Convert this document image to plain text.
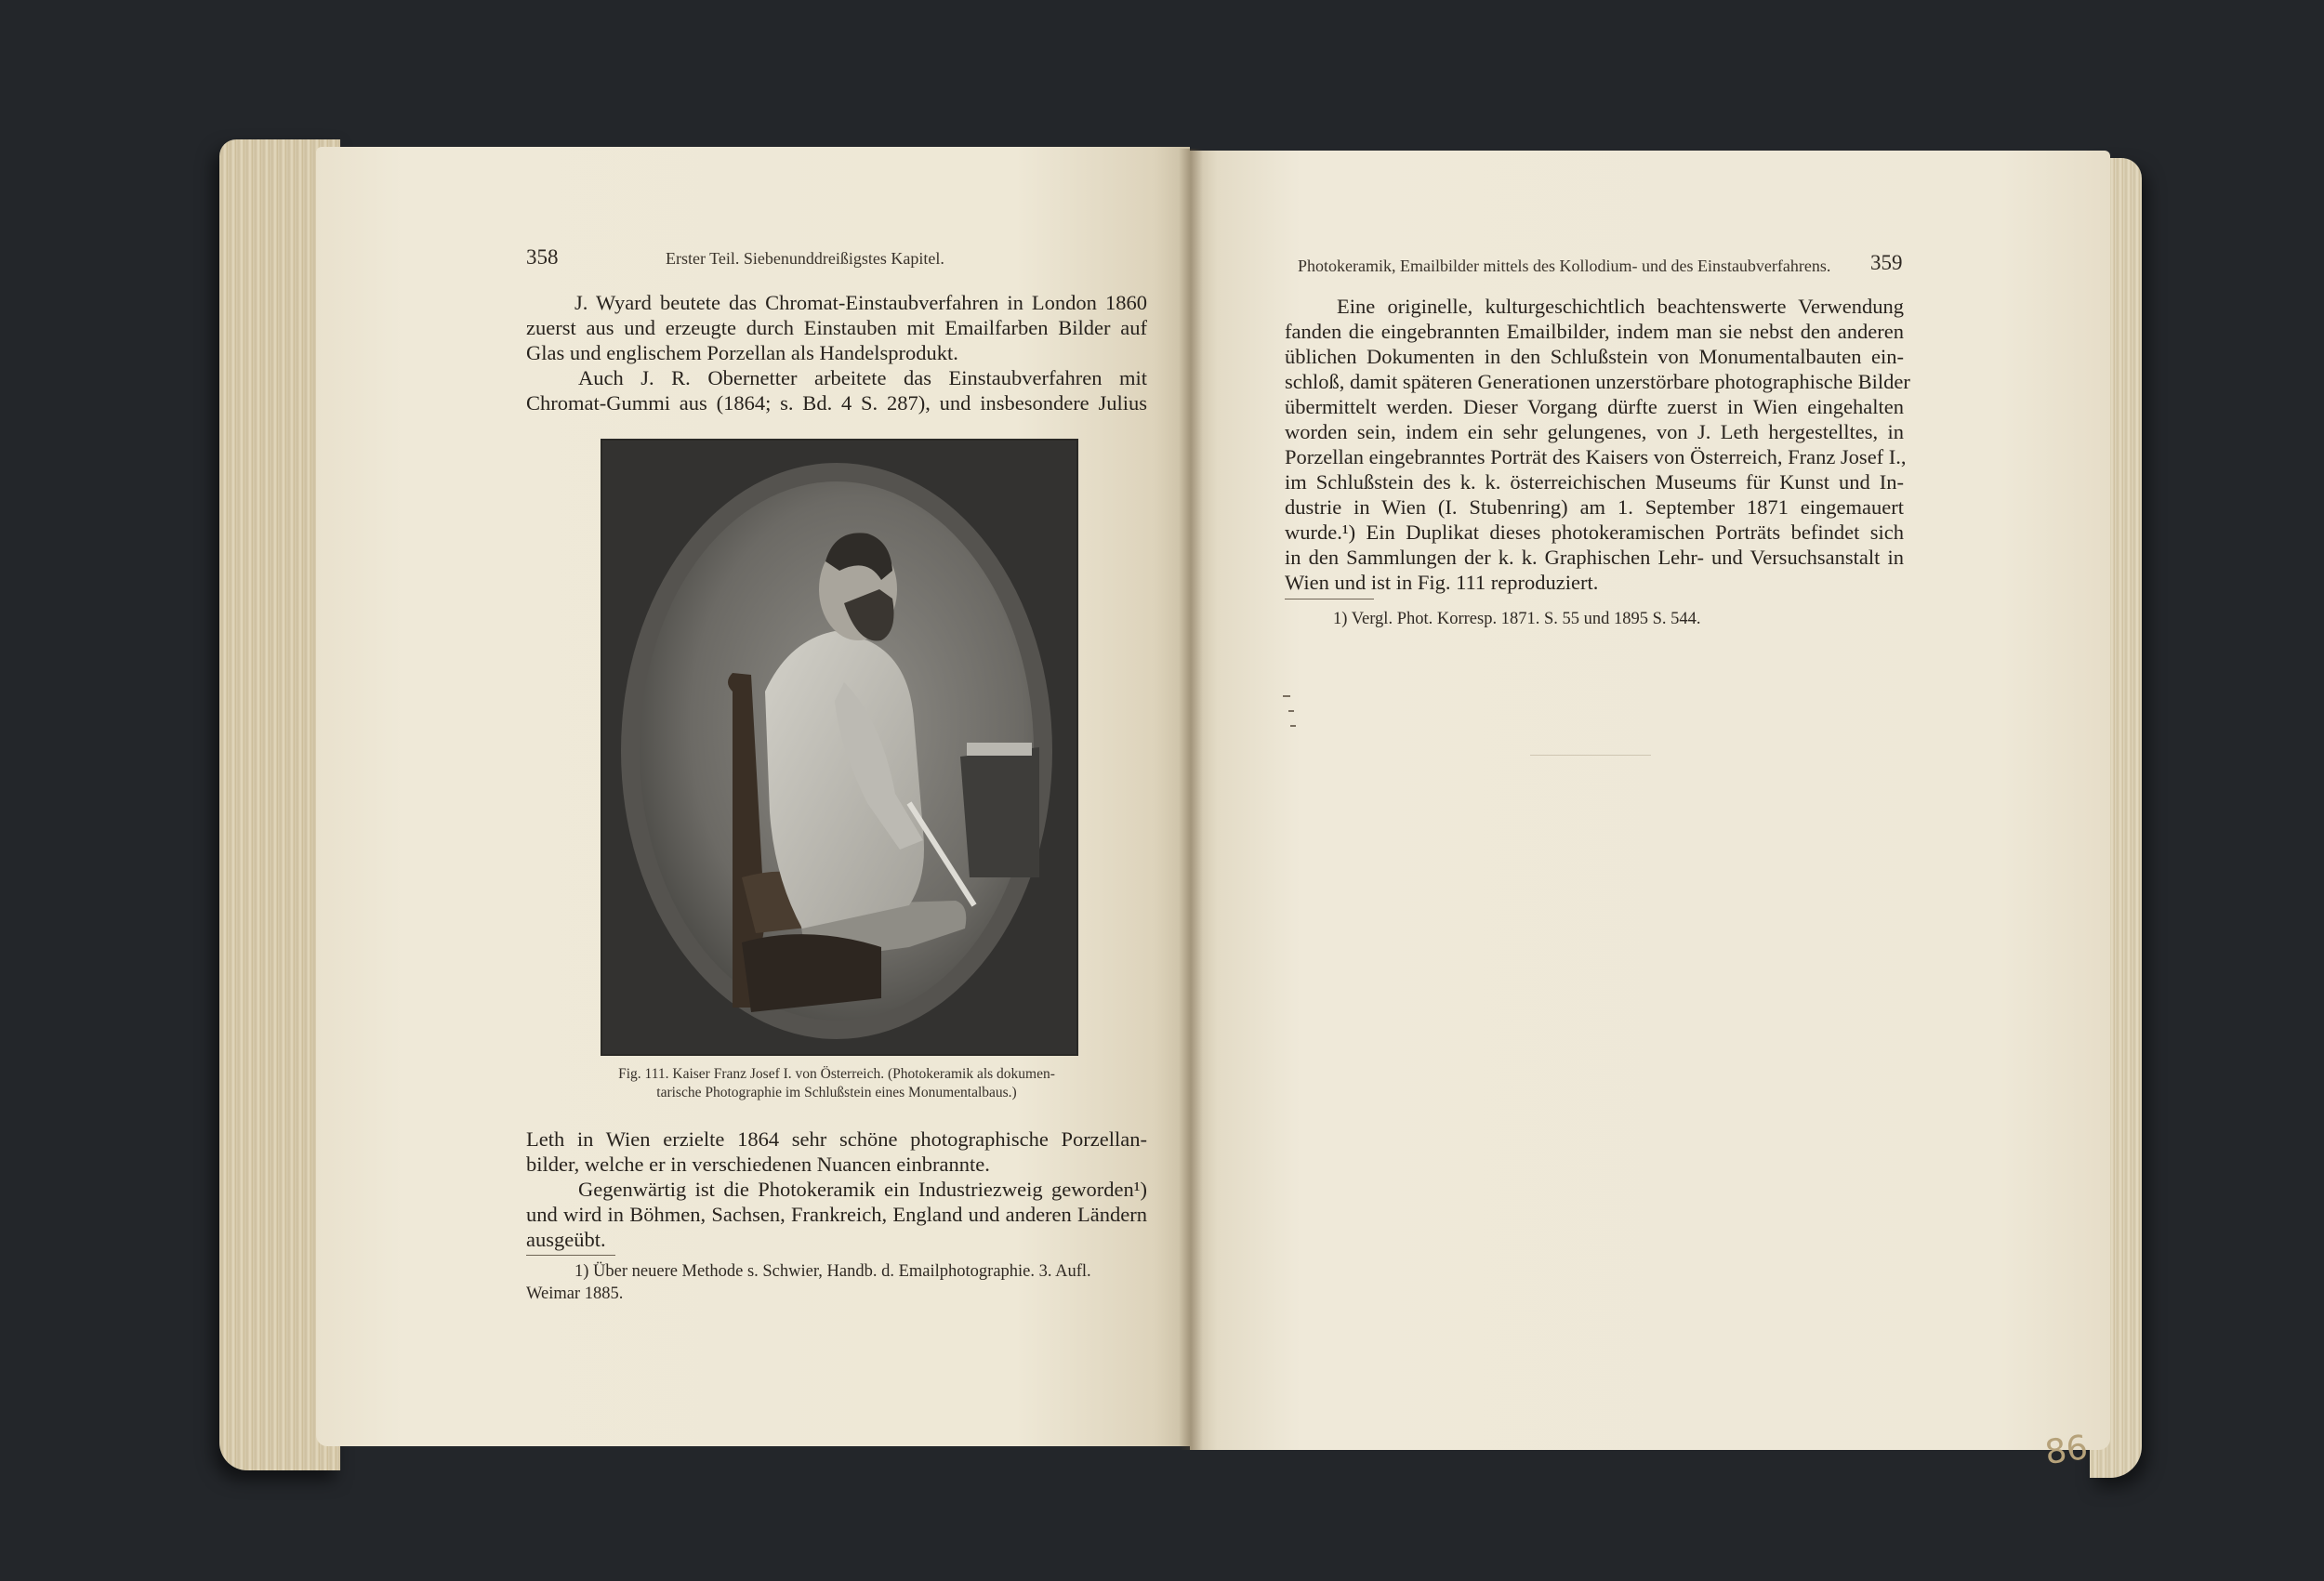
358	Erster Teil. Siebenunddreißigstes Kapitel.
J. Wyard beutete das Chromat-Einstaubverfahren in London 1860
zuerst aus und erzeugte durch Einstauben mit Emailfarben Bilder auf
Glas und englischem Porzellan als Handelsprodukt.
Auch J. R. Obernetter arbeitete das Einstaubverfahren mit
Chromat-Gummi aus (1864; s. Bd. 4 S. 287), und insbesondere Julius
Fig. 111. Kaiser Franz Josef I. von Österreich. (Photokeramik als dokumen-
tarische Photographie im Schlußstein eines Monumentalbaus.)
Leth in Wien erzielte 1864 sehr schöne photographische Porzellan-
bilder, welche er in verschiedenen Nuancen einbrannte.
Gegenwärtig ist die Photokeramik ein Industriezweig geworden¹)
und wird in Böhmen, Sachsen, Frankreich, England und anderen Ländern
ausgeübt.
1) Über neuere Methode s. Schwier, Handb. d. Emailphotographie. 3. Aufl.
Weimar 1885.
Photokeramik, Emailbilder mittels des Kollodium- und des Einstaubverfahrens. 359
Eine originelle, kulturgeschichtlich beachtenswerte Verwendung
fanden die eingebrannten Emailbilder, indem man sie nebst den anderen
üblichen Dokumenten in den Schlußstein von Monumentalbauten ein-
schloß, damit späteren Generationen unzerstörbare photographische Bilder
übermittelt werden. Dieser Vorgang dürfte zuerst in Wien eingehalten
worden sein, indem ein sehr gelungenes, von J. Leth hergestelltes, in
Porzellan eingebranntes Porträt des Kaisers von Österreich, Franz Josef I.,
im Schlußstein des k. k. österreichischen Museums für Kunst und In-
dustrie in Wien (I. Stubenring) am 1. September 1871 eingemauert
wurde.¹) Ein Duplikat dieses photokeramischen Porträts befindet sich
in den Sammlungen der k. k. Graphischen Lehr- und Versuchsanstalt in
Wien und ist in Fig. 111 reproduziert.
1) Vergl. Phot. Korresp. 1871. S. 55 und 1895 S. 544.
86
